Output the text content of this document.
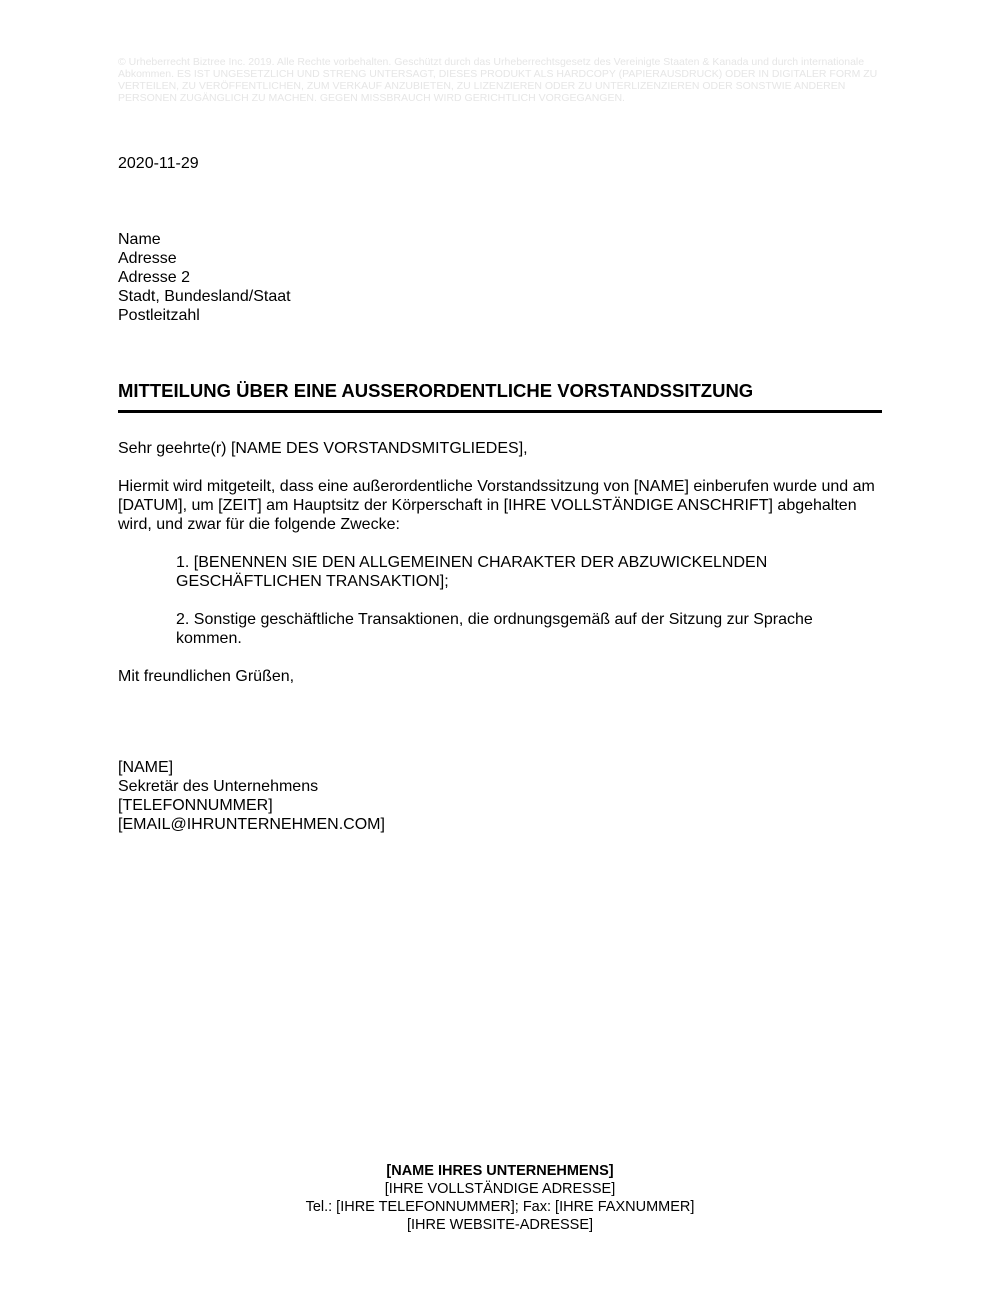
© Urheberrecht Biztree Inc. 2019. Alle Rechte vorbehalten. Geschützt durch das Urheberrechtsgesetz des Vereinigte Staaten & Kanada und durch internationale Abkommen. ES IST UNGESETZLICH UND STRENG UNTERSAGT, DIESES PRODUKT ALS HARDCOPY (PAPIERAUSDRUCK) ODER IN DIGITALER FORM ZU VERTEILEN, ZU VERÖFFENTLICHEN, ZUM VERKAUF ANZUBIETEN, ZU LIZENZIEREN ODER ZU UNTERLIZENZIEREN ODER SONSTWIE ANDEREN PERSONEN ZUGÄNGLICH ZU MACHEN. GEGEN MISSBRAUCH WIRD GERICHTLICH VORGEGANGEN.
2020-11-29
Name
Adresse
Adresse 2
Stadt, Bundesland/Staat
Postleitzahl
MITTEILUNG ÜBER EINE AUSSERORDENTLICHE VORSTANDSSITZUNG

Sehr geehrte(r) [NAME DES VORSTANDSMITGLIEDES],

Hiermit wird mitgeteilt, dass eine außerordentliche Vorstandssitzung von [NAME] einberufen wurde und am [DATUM], um [ZEIT] am Hauptsitz der Körperschaft in [IHRE VOLLSTÄNDIGE ANSCHRIFT] abgehalten wird, und zwar für die folgende Zwecke:

1. [BENENNEN SIE DEN ALLGEMEINEN CHARAKTER DER ABZUWICKELNDEN GESCHÄFTLICHEN TRANSAKTION];
2. Sonstige geschäftliche Transaktionen, die ordnungsgemäß auf der Sitzung zur Sprache kommen.

Mit freundlichen Grüßen,

[NAME]
Sekretär des Unternehmens
[TELEFONNUMMER]
[EMAIL@IHRUNTERNEHMEN.COM]
[NAME IHRES UNTERNEHMENS]
[IHRE VOLLSTÄNDIGE ADRESSE]
Tel.: [IHRE TELEFONNUMMER]; Fax: [IHRE FAXNUMMER]
[IHRE WEBSITE-ADRESSE]
